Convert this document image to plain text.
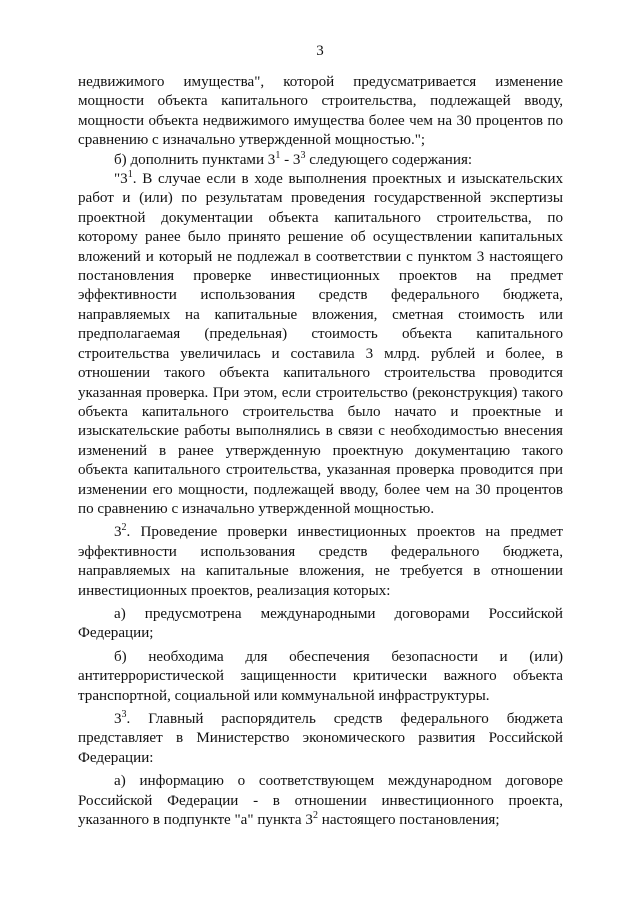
3

недвижимого имущества", которой предусматривается изменение мощности объекта капитального строительства, подлежащей вводу, мощности объекта недвижимого имущества более чем на 30 процентов по сравнению с изначально утвержденной мощностью.";

б) дополнить пунктами $3^1 - 3^3$ следующего содержания:

"$3^1$. В случае если в ходе выполнения проектных и изыскательских работ и (или) по результатам проведения государственной экспертизы проектной документации объекта капитального строительства, по которому ранее было принято решение об осуществлении капитальных вложений и который не подлежал в соответствии с пунктом 3 настоящего постановления проверке инвестиционных проектов на предмет эффективности использования средств федерального бюджета, направляемых на капитальные вложения, сметная стоимость или предполагаемая (предельная) стоимость объекта капитального строительства увеличилась и составила 3 млрд. рублей и более, в отношении такого объекта капитального строительства проводится указанная проверка. При этом, если строительство (реконструкция) такого объекта капитального строительства было начато и проектные и изыскательские работы выполнялись в связи с необходимостью внесения изменений в ранее утвержденную проектную документацию такого объекта капитального строительства, указанная проверка проводится при изменении его мощности, подлежащей вводу, более чем на 30 процентов по сравнению с изначально утвержденной мощностью.

$3^2$. Проведение проверки инвестиционных проектов на предмет эффективности использования средств федерального бюджета, направляемых на капитальные вложения, не требуется в отношении инвестиционных проектов, реализация которых:

а) предусмотрена международными договорами Российской Федерации;

б) необходима для обеспечения безопасности и (или) антитеррористической защищенности критически важного объекта транспортной, социальной или коммунальной инфраструктуры.

$3^3$. Главный распорядитель средств федерального бюджета представляет в Министерство экономического развития Российской Федерации:

а) информацию о соответствующем международном договоре Российской Федерации - в отношении инвестиционного проекта, указанного в подпункте "а" пункта $3^2$ настоящего постановления;
